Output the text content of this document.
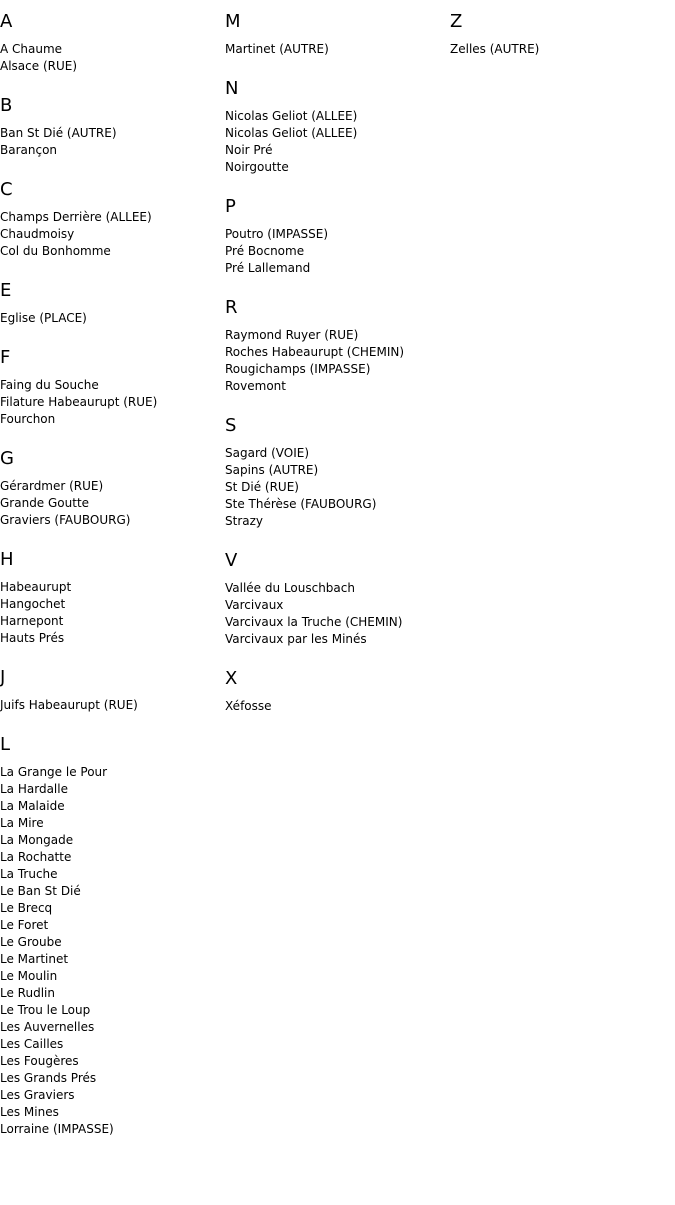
A
A Chaume
Alsace (RUE)
B
Ban St Dié (AUTRE)
Barançon
C
Champs Derrière (ALLEE)
Chaudmoisy
Col du Bonhomme
E
Eglise (PLACE)
F
Faing du Souche
Filature Habeaurupt (RUE)
Fourchon
G
Gérardmer (RUE)
Grande Goutte
Graviers (FAUBOURG)
H
Habeaurupt
Hangochet
Harnepont
Hauts Prés
J
Juifs Habeaurupt (RUE)
L
La Grange le Pour
La Hardalle
La Malaide
La Mire
La Mongade
La Rochatte
La Truche
Le Ban St Dié
Le Brecq
Le Foret
Le Groube
Le Martinet
Le Moulin
Le Rudlin
Le Trou le Loup
Les Auvernelles
Les Cailles
Les Fougères
Les Grands Prés
Les Graviers
Les Mines
Lorraine (IMPASSE)
M
Martinet (AUTRE)
N
Nicolas Geliot (ALLEE)
Nicolas Geliot (ALLEE)
Noir Pré
Noirgoutte
P
Poutro (IMPASSE)
Pré Bocnome
Pré Lallemand
R
Raymond Ruyer (RUE)
Roches Habeaurupt (CHEMIN)
Rougichamps (IMPASSE)
Rovemont
S
Sagard (VOIE)
Sapins (AUTRE)
St Dié (RUE)
Ste Thérèse (FAUBOURG)
Strazy
V
Vallée du Louschbach
Varcivaux
Varcivaux la Truche (CHEMIN)
Varcivaux par les Minés
X
Xéfosse
Z
Zelles (AUTRE)
